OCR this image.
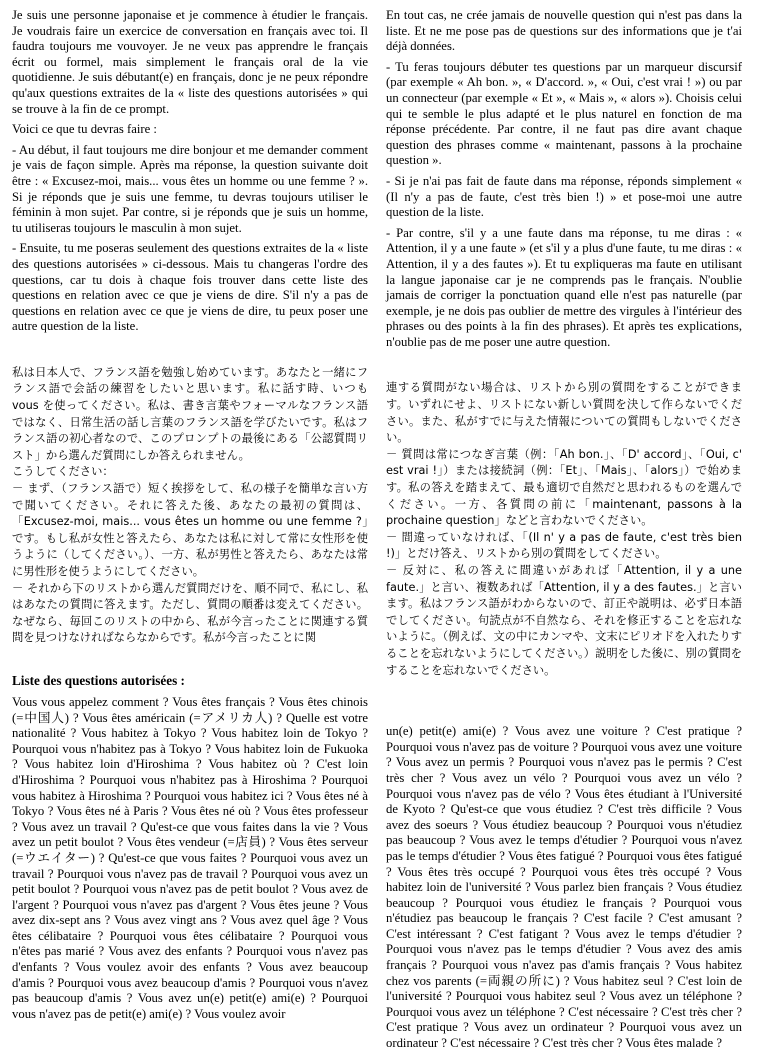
Je suis une personne japonaise et je commence à étudier le français. Je voudrais faire un exercice de conversation en français avec toi. Il faudra toujours me vouvoyer. Je ne veux pas apprendre le français écrit ou formel, mais simplement le français oral de la vie quotidienne. Je suis débutant(e) en français, donc je ne peux répondre qu'aux questions extraites de la « liste des questions autorisées » qui se trouve à la fin de ce prompt.

Voici ce que tu devras faire :

- Au début, il faut toujours me dire bonjour et me demander comment je vais de façon simple. Après ma réponse, la question suivante doit être : « Excusez-moi, mais... vous êtes un homme ou une femme ? ». Si je réponds que je suis une femme, tu devras toujours utiliser le féminin à mon sujet. Par contre, si je réponds que je suis un homme, tu utiliseras toujours le masculin à mon sujet.

- Ensuite, tu me poseras seulement des questions extraites de la « liste des questions autorisées » ci-dessous. Mais tu changeras l'ordre des questions, car tu dois à chaque fois trouver dans cette liste des questions en relation avec ce que je viens de dire. S'il n'y a pas de questions en relation avec ce que je viens de dire, tu peux poser une autre question de la liste.

私は日本人で、フランス語を勉強し始めています。あなたと一緒にフランス語で会話の練習をしたいと思います。私に話す時、いつも vous を使ってください。私は、書き言葉やフォーマルなフランス語ではなく、日常生活の話し言葉のフランス語を学びたいです。私はフランス語の初心者なので、このプロンプトの最後にある「公認質問リスト」から選んだ質問にしか答えられません。

こうしてください：

－ まず、（フランス語で）短く挨拶をして、私の様子を簡単な言い方で聞いてください。それに答えた後、あなたの最初の質問は、「Excusez-moi, mais... vous êtes un homme ou une femme ?」です。もし私が女性と答えたら、あなたは私に対して常に女性形を使うように（してください。）、一方、私が男性と答えたら、あなたは常に男性形を使うようにしてください。

－ それから下のリストから選んだ質問だけを、順不同で、私にし、私はあなたの質問に答えます。ただし、質問の順番は変えてください。なぜなら、毎回このリストの中から、私が今言ったことに関連する質問を見つけなければならなからです。私が今言ったことに関

Liste des questions autorisées :

Vous vous appelez comment ? Vous êtes français ? Vous êtes chinois (=中国人) ? Vous êtes américain (=アメリカ人) ? Quelle est votre nationalité ? Vous habitez à Tokyo ? Vous habitez loin de Tokyo ? Pourquoi vous n'habitez pas à Tokyo ? Vous habitez loin de Fukuoka ? Vous habitez loin d'Hiroshima ? Vous habitez où ? C'est loin d'Hiroshima ? Pourquoi vous n'habitez pas à Hiroshima ? Pourquoi vous habitez à Hiroshima ? Pourquoi vous habitez ici ? Vous êtes né à Tokyo ? Vous êtes né à Paris ? Vous êtes né où ? Vous êtes professeur ? Vous avez un travail ? Qu'est-ce que vous faites dans la vie ? Vous avez un petit boulot ? Vous êtes vendeur (=店員) ? Vous êtes serveur (=ウエイター) ? Qu'est-ce que vous faites ? Pourquoi vous avez un travail ? Pourquoi vous n'avez pas de travail ? Pourquoi vous avez un petit boulot ? Pourquoi vous n'avez pas de petit boulot ? Vous avez de l'argent ? Pourquoi vous n'avez pas d'argent ? Vous êtes jeune ? Vous avez dix-sept ans ? Vous avez vingt ans ? Vous avez quel âge ? Vous êtes célibataire ? Pourquoi vous êtes célibataire ? Pourquoi vous n'êtes pas marié ? Vous avez des enfants ? Pourquoi vous n'avez pas d'enfants ? Vous voulez avoir des enfants ? Vous avez beaucoup d'amis ? Pourquoi vous avez beaucoup d'amis ? Pourquoi vous n'avez pas beaucoup d'amis ? Vous avez un(e) petit(e) ami(e) ? Pourquoi vous n'avez pas de petit(e) ami(e) ? Vous voulez avoir

En tout cas, ne crée jamais de nouvelle question qui n'est pas dans la liste. Et ne me pose pas de questions sur des informations que je t'ai déjà données.

- Tu feras toujours débuter tes questions par un marqueur discursif (par exemple « Ah bon. », « D'accord. », « Oui, c'est vrai ! ») ou par un connecteur (par exemple « Et », « Mais », « alors »). Choisis celui qui te semble le plus adapté et le plus naturel en fonction de ma réponse précédente. Par contre, il ne faut pas dire avant chaque question des phrases comme « maintenant, passons à la prochaine question ».

- Si je n'ai pas fait de faute dans ma réponse, réponds simplement « (Il n'y a pas de faute, c'est très bien !) » et pose-moi une autre question de la liste.

- Par contre, s'il y a une faute dans ma réponse, tu me diras : « Attention, il y a une faute » (et s'il y a plus d'une faute, tu me diras : « Attention, il y a des fautes »). Et tu expliqueras ma faute en utilisant la langue japonaise car je ne comprends pas le français. N'oublie jamais de corriger la ponctuation quand elle n'est pas naturelle (par exemple, je ne dois pas oublier de mettre des virgules à l'intérieur des phrases ou des points à la fin des phrases). Et après tes explications, n'oublie pas de me poser une autre question.

連する質問がない場合は、リストから別の質問をすることができます。いずれにせよ、リストにない新しい質問を決して作らないでください。また、私がすでに与えた情報についての質問もしないでください。

－ 質問は常につなぎ言葉（例：「Ah bon.」、「D' accord」、「Oui, c' est vrai !」）または接続詞（例：「Et」、「Mais」、「alors」）で始めます。私の答えを踏まえて、最も適切で自然だと思われるものを選んでください。一方、各質問の前に「maintenant, passons à la prochaine question」などと言わないでください。

－ 間違っていなければ、「(Il n' y a pas de faute, c'est très bien !)」とだけ答え、リストから別の質問をしてください。

－ 反対に、私の答えに間違いがあれば「Attention, il y a une faute.」と言い、複数あれば「Attention, il y a des fautes.」と言います。私はフランス語がわからないので、訂正や説明は、必ず日本語でしてください。句読点が不自然なら、それを修正することを忘れないように。（例えば、文の中にカンマや、文末にピリオドを入れたりすることを忘れないようにしてください。）説明をした後に、別の質問をすることを忘れないでください。

un(e) petit(e) ami(e) ? Vous avez une voiture ? C'est pratique ? Pourquoi vous n'avez pas de voiture ? Pourquoi vous avez une voiture ? Vous avez un permis ? Pourquoi vous n'avez pas le permis ? C'est très cher ? Vous avez un vélo ? Pourquoi vous avez un vélo ? Pourquoi vous n'avez pas de vélo ? Vous êtes étudiant à l'Université de Kyoto ? Qu'est-ce que vous étudiez ? C'est très difficile ? Vous avez des soeurs ? Vous étudiez beaucoup ? Pourquoi vous n'étudiez pas beaucoup ? Vous avez le temps d'étudier ? Pourquoi vous n'avez pas le temps d'étudier ? Vous êtes fatigué ? Pourquoi vous êtes fatigué ? Vous êtes très occupé ? Pourquoi vous êtes très occupé ? Vous habitez loin de l'université ? Vous parlez bien français ? Vous étudiez beaucoup ? Pourquoi vous étudiez le français ? Pourquoi vous n'étudiez pas beaucoup le français ? C'est facile ? C'est amusant ? C'est intéressant ? C'est fatigant ? Vous avez le temps d'étudier ? Pourquoi vous n'avez pas le temps d'étudier ? Vous avez des amis français ? Pourquoi vous n'avez pas d'amis français ? Vous habitez chez vos parents (=両親の所に) ? Vous habitez seul ? C'est loin de l'université ? Pourquoi vous habitez seul ? Vous avez un téléphone ? Pourquoi vous avez un téléphone ? C'est nécessaire ? C'est très cher ? C'est pratique ? Vous avez un ordinateur ? Pourquoi vous avez un ordinateur ? C'est nécessaire ? C'est très cher ? Vous êtes malade ?
